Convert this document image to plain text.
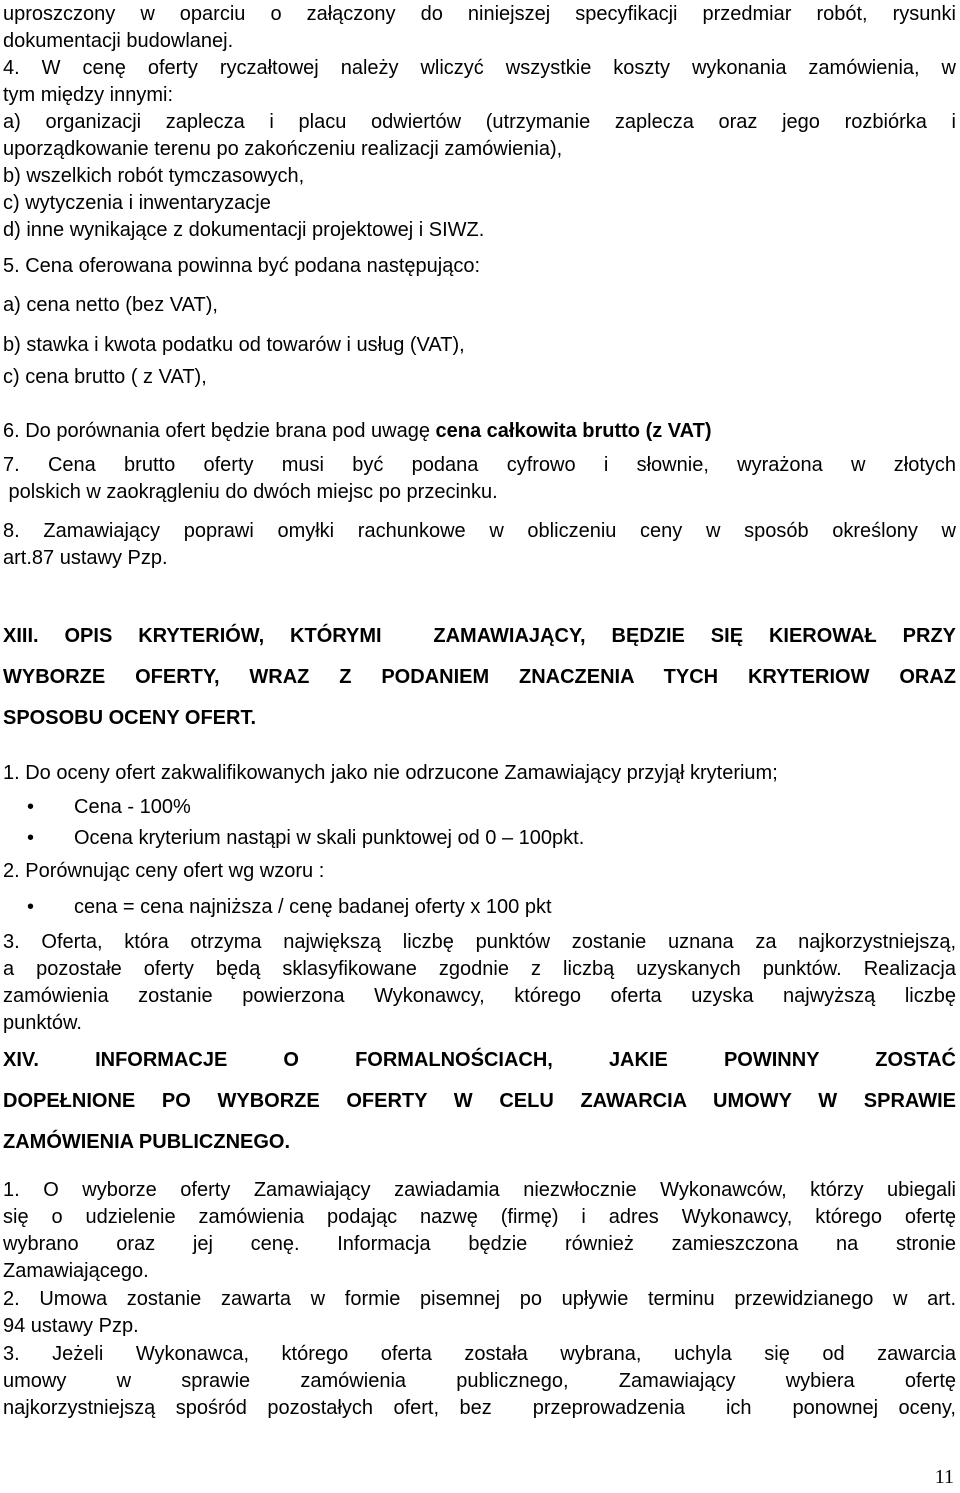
uproszczony w oparciu o załączony do niniejszej specyfikacji przedmiar robót, rysunki

dokumentacji budowlanej.

4. W cenę oferty ryczałtowej należy wliczyć wszystkie koszty wykonania zamówienia, w

tym między innymi:

a) organizacji zaplecza i placu odwiertów (utrzymanie zaplecza oraz jego rozbiórka i

uporządkowanie terenu po zakończeniu realizacji zamówienia),

b) wszelkich robót tymczasowych,

c) wytyczenia i inwentaryzacje

d) inne wynikające z dokumentacji projektowej i SIWZ.

5. Cena oferowana powinna być podana następująco:

a) cena netto (bez VAT),

b) stawka i kwota podatku od towarów i usług (VAT),

c) cena brutto ( z VAT),

6. Do porównania ofert będzie brana pod uwagę cena całkowita brutto (z VAT)

7. Cena brutto oferty musi być podana cyfrowo i słownie, wyrażona w złotych

polskich w zaokrągleniu do dwóch miejsc po przecinku.

8. Zamawiający poprawi omyłki rachunkowe w obliczeniu ceny w sposób określony w

art.87 ustawy Pzp.

XIII. OPIS KRYTERIÓW, KTÓRYMI  ZAMAWIAJĄCY, BĘDZIE SIĘ KIEROWAŁ PRZY
WYBORZE OFERTY, WRAZ Z PODANIEM ZNACZENIA TYCH KRYTERIOW ORAZ
SPOSOBU OCENY OFERT.

1. Do oceny ofert zakwalifikowanych jako nie odrzucone Zamawiający przyjął kryterium;

•	Cena - 100%
•	Ocena kryterium nastąpi w skali punktowej od 0 – 100pkt.

2. Porównując ceny ofert wg wzoru :

•	cena = cena najniższa / cenę badanej oferty x 100 pkt

3. Oferta, która otrzyma największą liczbę punktów zostanie uznana za najkorzystniejszą,

a pozostałe oferty będą sklasyfikowane zgodnie z liczbą uzyskanych punktów. Realizacja

zamówienia zostanie powierzona Wykonawcy, którego oferta uzyska najwyższą liczbę

punktów.

XIV. INFORMACJE O FORMALNOŚCIACH, JAKIE POWINNY ZOSTAĆ
DOPEŁNIONE PO WYBORZE OFERTY W CELU ZAWARCIA UMOWY W SPRAWIE
ZAMÓWIENIA PUBLICZNEGO.

1. O wyborze oferty Zamawiający zawiadamia niezwłocznie Wykonawców, którzy ubiegali

się o udzielenie zamówienia podając nazwę (firmę) i adres Wykonawcy, którego ofertę

wybrano oraz jej cenę. Informacja będzie również zamieszczona na stronie

Zamawiającego.

2. Umowa zostanie zawarta w formie pisemnej po upływie terminu przewidzianego w art.

94 ustawy Pzp.

3. Jeżeli Wykonawca, którego oferta została wybrana, uchyla się od zawarcia

umowy w sprawie zamówienia publicznego, Zamawiający wybiera ofertę

najkorzystniejszą spośród pozostałych ofert, bez  przeprowadzenia  ich  ponownej oceny,

11
